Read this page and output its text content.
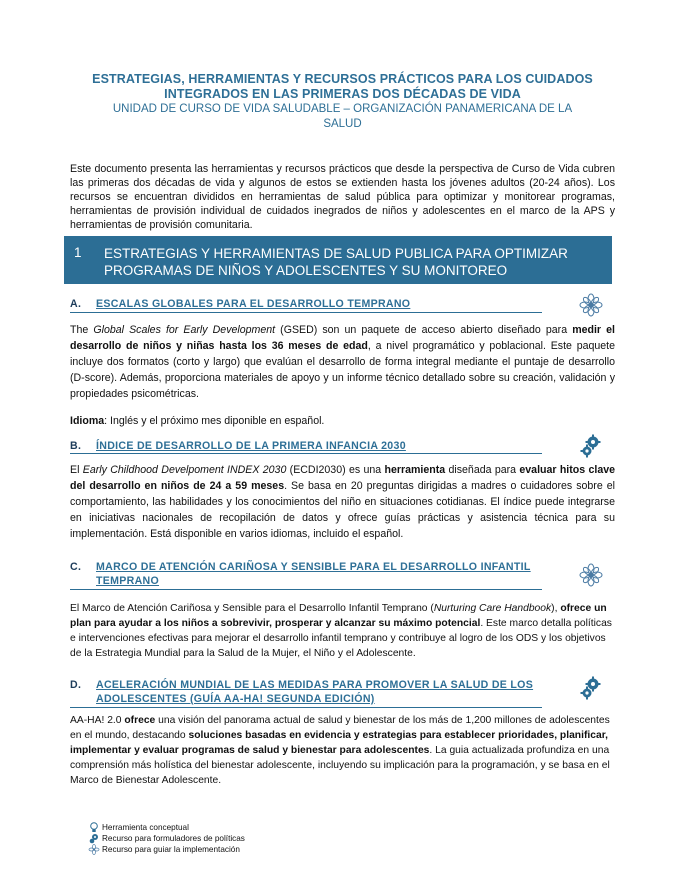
ESTRATEGIAS, HERRAMIENTAS Y RECURSOS PRÁCTICOS PARA LOS CUIDADOS
INTEGRADOS EN LAS PRIMERAS DOS DÉCADAS DE VIDA
UNIDAD DE CURSO DE VIDA SALUDABLE – ORGANIZACIÓN PANAMERICANA DE LA
SALUD
Este documento presenta las herramientas y recursos prácticos que desde la perspectiva de Curso de Vida cubren las primeras dos décadas de vida y algunos de estos se extienden hasta los jóvenes adultos (20-24 años). Los recursos se encuentran divididos en herramientas de salud pública para optimizar y monitorear programas, herramientas de provisión individual de cuidados inegrados de niños y adolescentes en el marco de la APS y herramientas de provisión comunitaria.
1	ESTRATEGIAS Y HERRAMIENTAS DE SALUD PUBLICA PARA OPTIMIZAR
PROGRAMAS DE NIÑOS Y ADOLESCENTES Y SU MONITOREO
A. ESCALAS GLOBALES PARA EL DESARROLLO TEMPRANO
The Global Scales for Early Development (GSED) son un paquete de acceso abierto diseñado para medir el desarrollo de niños y niñas hasta los 36 meses de edad, a nivel programático y poblacional. Este paquete incluye dos formatos (corto y largo) que evalúan el desarrollo de forma integral mediante el puntaje de desarrollo (D-score). Además, proporciona materiales de apoyo y un informe técnico detallado sobre su creación, validación y propiedades psicométricas.
Idioma: Inglés y el próximo mes diponible en español.
B. ÍNDICE DE DESARROLLO DE LA PRIMERA INFANCIA 2030
El Early Childhood Develpoment INDEX 2030 (ECDI2030) es una herramienta diseñada para evaluar hitos clave del desarrollo en niños de 24 a 59 meses. Se basa en 20 preguntas dirigidas a madres o cuidadores sobre el comportamiento, las habilidades y los conocimientos del niño en situaciones cotidianas. El índice puede integrarse en iniciativas nacionales de recopilación de datos y ofrece guías prácticas y asistencia técnica para su implementación. Está disponible en varios idiomas, incluido el español.
C. MARCO DE ATENCIÓN CARIÑOSA Y SENSIBLE PARA EL DESARROLLO INFANTIL
TEMPRANO
El Marco de Atención Cariñosa y Sensible para el Desarrollo Infantil Temprano (Nurturing Care Handbook), ofrece un plan para ayudar a los niños a sobrevivir, prosperar y alcanzar su máximo potencial. Este marco detalla políticas e intervenciones efectivas para mejorar el desarrollo infantil temprano y contribuye al logro de los ODS y los objetivos de la Estrategia Mundial para la Salud de la Mujer, el Niño y el Adolescente.
D. ACELERACIÓN MUNDIAL DE LAS MEDIDAS PARA PROMOVER LA SALUD DE LOS
ADOLESCENTES (GUÍA AA-HA! SEGUNDA EDICIÓN)
AA-HA! 2.0 ofrece una visión del panorama actual de salud y bienestar de los más de 1,200 millones de adolescentes en el mundo, destacando soluciones basadas en evidencia y estrategias para establecer prioridades, planificar, implementar y evaluar programas de salud y bienestar para adolescentes. La guia actualizada profundiza en una comprensión más holística del bienestar adolescente, incluyendo su implicación para la programación, y se basa en el Marco de Bienestar Adolescente.
Herramienta conceptual
Recurso para formuladores de políticas
Recurso para guiar la implementación
